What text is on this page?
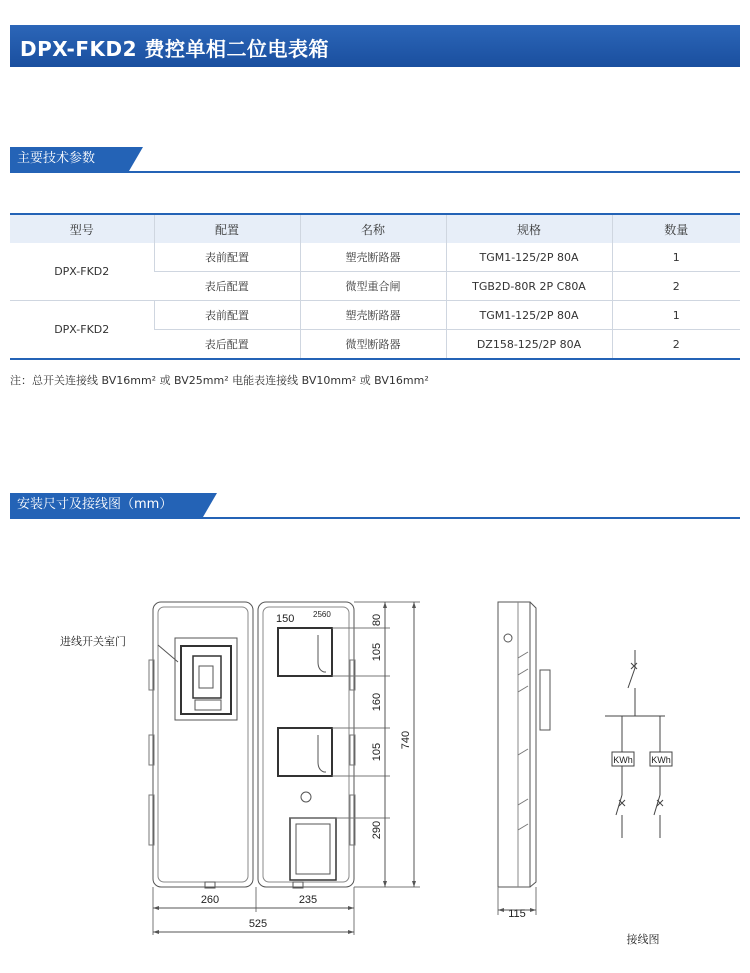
DPX-FKD2 费控单相二位电表箱
主要技术参数
型号	配置	名称	规格	数量
DPX-FKD2	表前配置	塑壳断路器	TGM1-125/2P 80A	1
	表后配置	微型重合闸	TGB2D-80R 2P C80A	2
DPX-FKD2	表前配置	塑壳断路器	TGM1-125/2P 80A	1
	表后配置	微型断路器	DZ158-125/2P 80A	2
注：总开关连接线 BV16mm² 或 BV25mm² 电能表连接线 BV10mm² 或 BV16mm²
安装尺寸及接线图（mm）
进线开关室门
150 2560	80
105
160
105
290
740
260	235
525
115
KWh KWh
接线图
